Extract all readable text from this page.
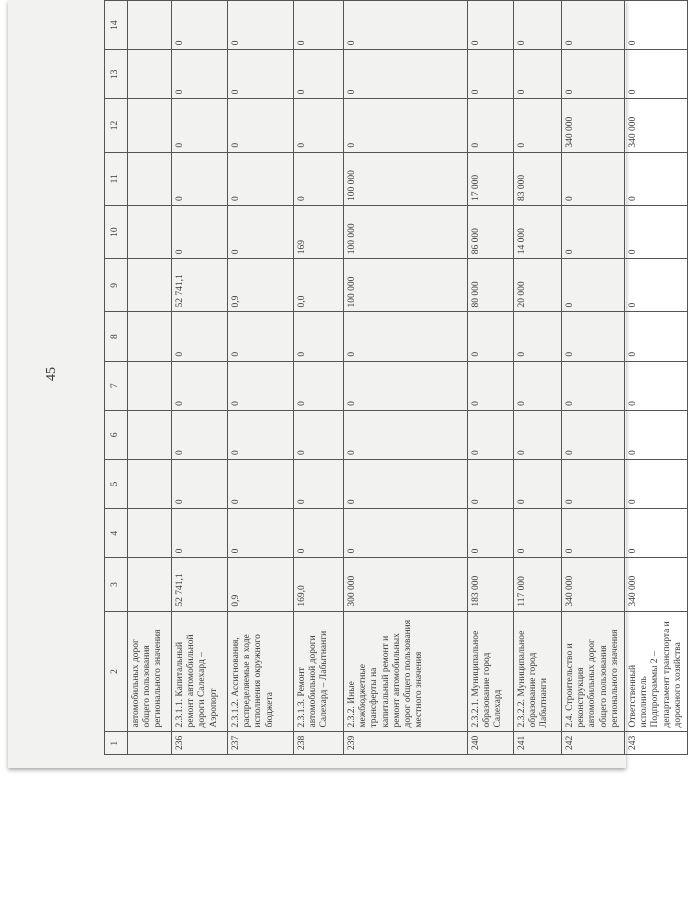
45
1	2	3	4	5	6	7	8	9	10	11	12	13	14
	автомобильных дорог общего пользования регионального значения												
236	2.3.1.1. Капитальный ремонт автомобильной дороги Салехард – Аэропорт	52 741,1	0	0	0	0	0	52 741,1	0	0	0	0	0
237	2.3.1.2. Ассигнования, распределяемые в ходе исполнения окружного бюджета	0,9	0	0	0	0	0	0,9	0	0	0	0	0
238	2.3.1.3. Ремонт автомобильной дороги Салехард – Лабытнанги	169,0	0	0	0	0	0	0,0	169	0	0	0	0
239	2.3.2. Иные межбюджетные трансферты на капитальный ремонт и ремонт автомобильных дорог общего пользования местного значения	300 000	0	0	0	0	0	100 000	100 000	100 000	0	0	0
240	2.3.2.1. Муниципальное образование город Салехард	183 000	0	0	0	0	0	80 000	86 000	17 000	0	0	0
241	2.3.2.2. Муниципальное образование город Лабытнанги	117 000	0	0	0	0	0	20 000	14 000	83 000	0	0	0
242	2.4. Строительство и реконструкция автомобильных дорог общего пользования регионального значения	340 000	0	0	0	0	0	0	0	0	340 000	0	0
243	Ответственный исполнитель Подпрограммы 2 – департамент транспорта и дорожного хозяйства	340 000	0	0	0	0	0	0	0	0	340 000	0	0
